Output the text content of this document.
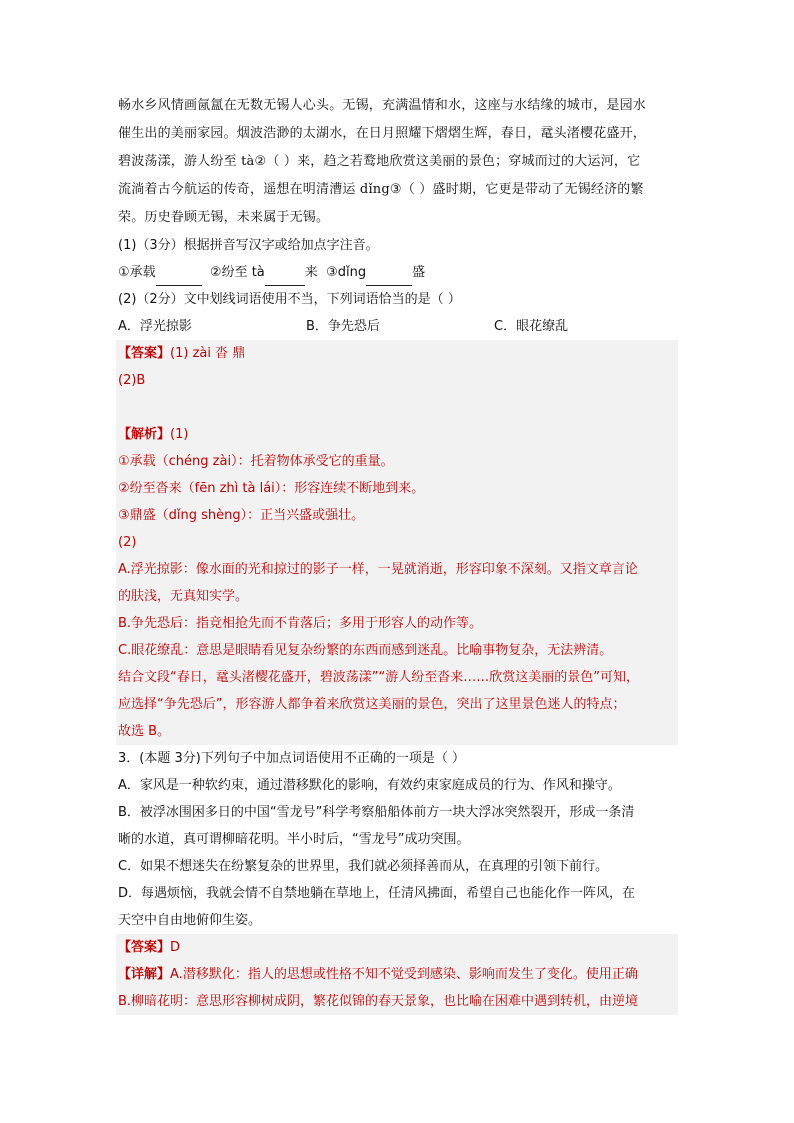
畅水乡风情画氤氲在无数无锡人心头。无锡，充满温情和水，这座与水结缘的城市，是园水

催生出的美丽家园。烟波浩渺的太湖水，在日月照耀下熠熠生辉，春日，鼋头渚樱花盛开，

碧波荡漾，游人纷至 tà②（ ）来，趋之若鹜地欣赏这美丽的景色；穿城而过的大运河，它

流淌着古今航运的传奇，遥想在明清漕运 dǐng③（ ）盛时期，它更是带动了无锡经济的繁

荣。历史眷顾无锡，未来属于无锡。

(1)（3分）根据拼音写汉字或给加点字注音。

①承载	②纷至 tà	来 ③dǐng	盛

(2)（2分）文中划线词语使用不当，下列词语恰当的是（ ）

A．浮光掠影	B．争先恐后	C．眼花缭乱

【答案】(1) zài 沓 鼎

(2)B

【解析】(1)

①承载（chéng zài）：托着物体承受它的重量。

②纷至沓来（fēn zhì tà lái）：形容连续不断地到来。

③鼎盛（dǐng shèng）：正当兴盛或强壮。

(2)

A.浮光掠影：像水面的光和掠过的影子一样，一晃就消逝，形容印象不深刻。又指文章言论

的肤浅，无真知实学。

B.争先恐后：指竞相抢先而不肯落后；多用于形容人的动作等。

C.眼花缭乱：意思是眼睛看见复杂纷繁的东西而感到迷乱。比喻事物复杂，无法辨清。

结合文段“春日，鼋头渚樱花盛开，碧波荡漾”“游人纷至沓来……欣赏这美丽的景色”可知，

应选择“争先恐后”，形容游人都争着来欣赏这美丽的景色，突出了这里景色迷人的特点；

故选 B。

3．(本题 3分)下列句子中加点词语使用不正确的一项是（ ）

A．家风是一种软约束，通过潜移默化的影响，有效约束家庭成员的行为、作风和操守。

B．被浮冰围困多日的中国“雪龙号”科学考察船船体前方一块大浮冰突然裂开，形成一条清

晰的水道，真可谓柳暗花明。半小时后，“雪龙号”成功突围。

C．如果不想迷失在纷繁复杂的世界里，我们就必须择善而从，在真理的引领下前行。

D．每遇烦恼，我就会情不自禁地躺在草地上，任清风拂面，希望自己也能化作一阵风，在

天空中自由地俯仰生姿。

【答案】D

【详解】A.潜移默化：指人的思想或性格不知不觉受到感染、影响而发生了变化。使用正确

B.柳暗花明：意思形容柳树成阴，繁花似锦的春天景象，也比喻在困难中遇到转机，由逆境
